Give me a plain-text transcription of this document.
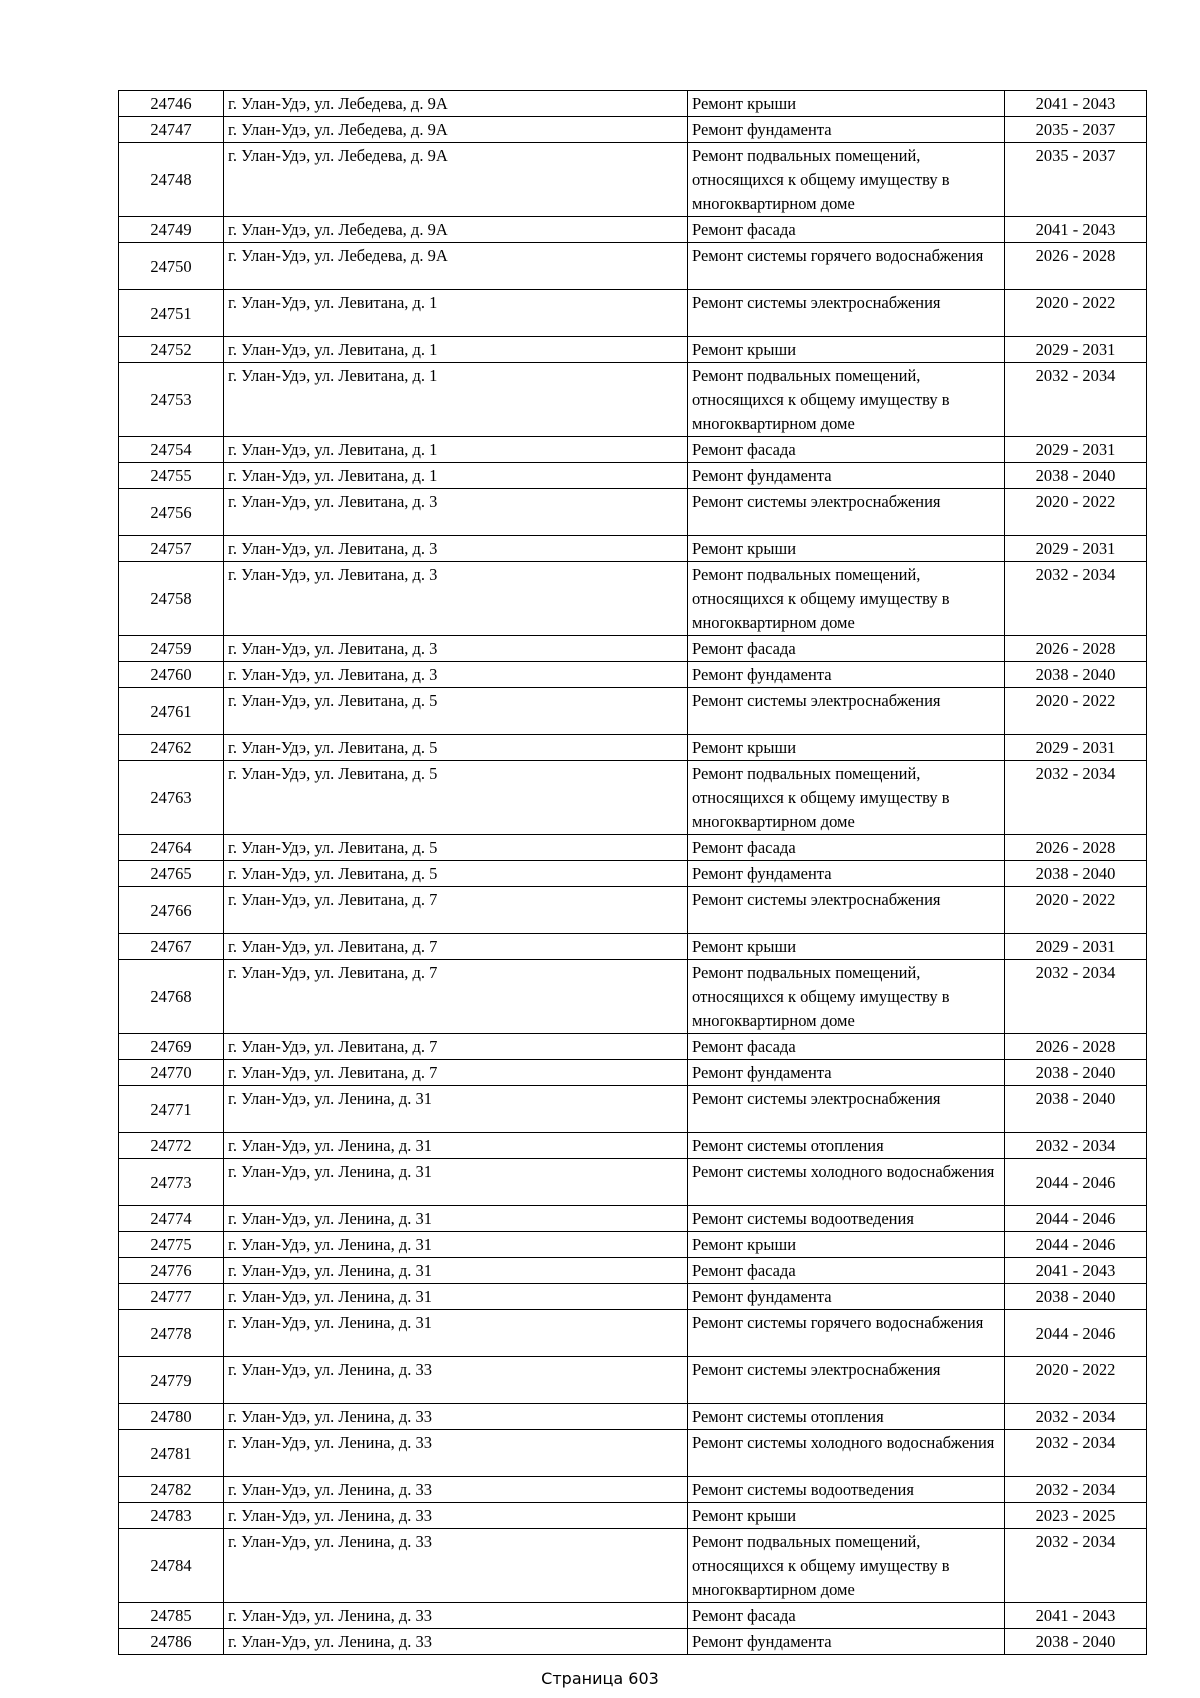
24746	г. Улан-Удэ, ул. Лебедева, д. 9А	Ремонт крыши	2041 - 2043
24747	г. Улан-Удэ, ул. Лебедева, д. 9А	Ремонт фундамента	2035 - 2037
24748	г. Улан-Удэ, ул. Лебедева, д. 9А	Ремонт подвальных помещений, относящихся к общему имуществу в многоквартирном доме	2035 - 2037
24749	г. Улан-Удэ, ул. Лебедева, д. 9А	Ремонт фасада	2041 - 2043
24750	г. Улан-Удэ, ул. Лебедева, д. 9А	Ремонт системы горячего водоснабжения	2026 - 2028
24751	г. Улан-Удэ, ул. Левитана, д. 1	Ремонт системы электроснабжения	2020 - 2022
24752	г. Улан-Удэ, ул. Левитана, д. 1	Ремонт крыши	2029 - 2031
24753	г. Улан-Удэ, ул. Левитана, д. 1	Ремонт подвальных помещений, относящихся к общему имуществу в многоквартирном доме	2032 - 2034
24754	г. Улан-Удэ, ул. Левитана, д. 1	Ремонт фасада	2029 - 2031
24755	г. Улан-Удэ, ул. Левитана, д. 1	Ремонт фундамента	2038 - 2040
24756	г. Улан-Удэ, ул. Левитана, д. 3	Ремонт системы электроснабжения	2020 - 2022
24757	г. Улан-Удэ, ул. Левитана, д. 3	Ремонт крыши	2029 - 2031
24758	г. Улан-Удэ, ул. Левитана, д. 3	Ремонт подвальных помещений, относящихся к общему имуществу в многоквартирном доме	2032 - 2034
24759	г. Улан-Удэ, ул. Левитана, д. 3	Ремонт фасада	2026 - 2028
24760	г. Улан-Удэ, ул. Левитана, д. 3	Ремонт фундамента	2038 - 2040
24761	г. Улан-Удэ, ул. Левитана, д. 5	Ремонт системы электроснабжения	2020 - 2022
24762	г. Улан-Удэ, ул. Левитана, д. 5	Ремонт крыши	2029 - 2031
24763	г. Улан-Удэ, ул. Левитана, д. 5	Ремонт подвальных помещений, относящихся к общему имуществу в многоквартирном доме	2032 - 2034
24764	г. Улан-Удэ, ул. Левитана, д. 5	Ремонт фасада	2026 - 2028
24765	г. Улан-Удэ, ул. Левитана, д. 5	Ремонт фундамента	2038 - 2040
24766	г. Улан-Удэ, ул. Левитана, д. 7	Ремонт системы электроснабжения	2020 - 2022
24767	г. Улан-Удэ, ул. Левитана, д. 7	Ремонт крыши	2029 - 2031
24768	г. Улан-Удэ, ул. Левитана, д. 7	Ремонт подвальных помещений, относящихся к общему имуществу в многоквартирном доме	2032 - 2034
24769	г. Улан-Удэ, ул. Левитана, д. 7	Ремонт фасада	2026 - 2028
24770	г. Улан-Удэ, ул. Левитана, д. 7	Ремонт фундамента	2038 - 2040
24771	г. Улан-Удэ, ул. Ленина, д. 31	Ремонт системы электроснабжения	2038 - 2040
24772	г. Улан-Удэ, ул. Ленина, д. 31	Ремонт системы отопления	2032 - 2034
24773	г. Улан-Удэ, ул. Ленина, д. 31	Ремонт системы холодного водоснабжения	2044 - 2046
24774	г. Улан-Удэ, ул. Ленина, д. 31	Ремонт системы водоотведения	2044 - 2046
24775	г. Улан-Удэ, ул. Ленина, д. 31	Ремонт крыши	2044 - 2046
24776	г. Улан-Удэ, ул. Ленина, д. 31	Ремонт фасада	2041 - 2043
24777	г. Улан-Удэ, ул. Ленина, д. 31	Ремонт фундамента	2038 - 2040
24778	г. Улан-Удэ, ул. Ленина, д. 31	Ремонт системы горячего водоснабжения	2044 - 2046
24779	г. Улан-Удэ, ул. Ленина, д. 33	Ремонт системы электроснабжения	2020 - 2022
24780	г. Улан-Удэ, ул. Ленина, д. 33	Ремонт системы отопления	2032 - 2034
24781	г. Улан-Удэ, ул. Ленина, д. 33	Ремонт системы холодного водоснабжения	2032 - 2034
24782	г. Улан-Удэ, ул. Ленина, д. 33	Ремонт системы водоотведения	2032 - 2034
24783	г. Улан-Удэ, ул. Ленина, д. 33	Ремонт крыши	2023 - 2025
24784	г. Улан-Удэ, ул. Ленина, д. 33	Ремонт подвальных помещений, относящихся к общему имуществу в многоквартирном доме	2032 - 2034
24785	г. Улан-Удэ, ул. Ленина, д. 33	Ремонт фасада	2041 - 2043
24786	г. Улан-Удэ, ул. Ленина, д. 33	Ремонт фундамента	2038 - 2040
Страница 603
